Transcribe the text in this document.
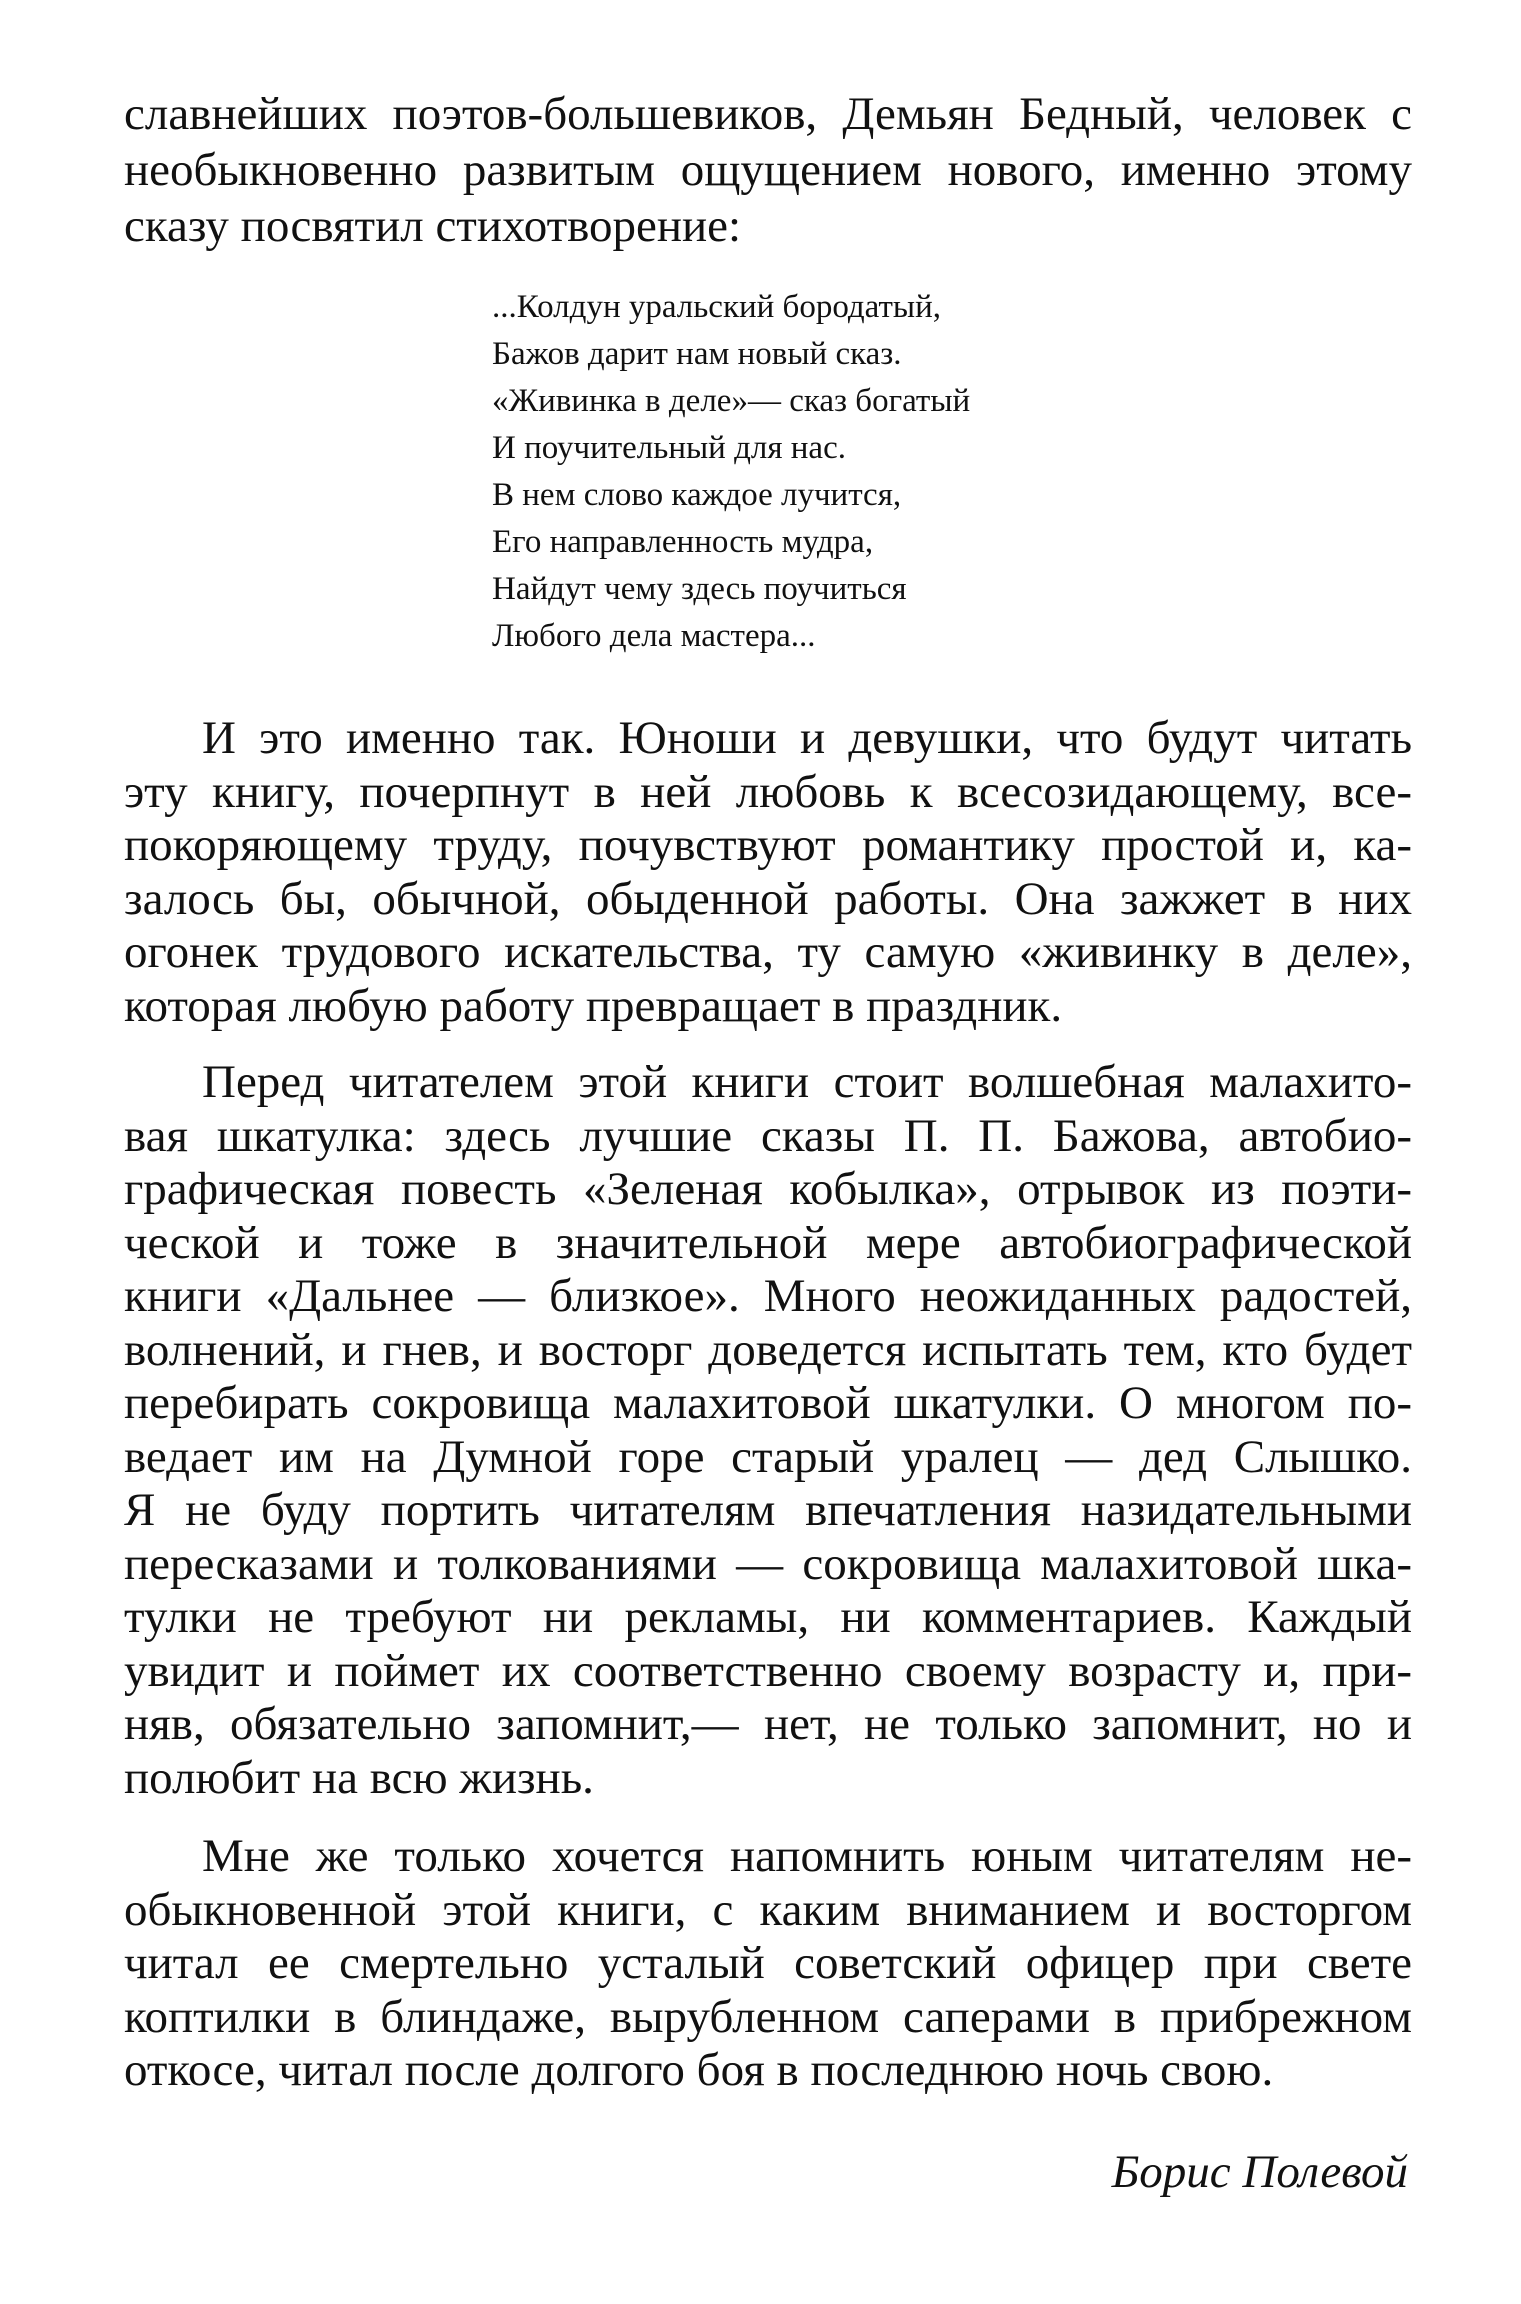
славнейших поэтов-большевиков, Демьян Бедный, человек с
необыкновенно развитым ощущением нового, именно этому
сказу посвятил стихотворение:
...Колдун уральский бородатый,
Бажов дарит нам новый сказ.
«Живинка в деле»— сказ богатый
И поучительный для нас.
В нем слово каждое лучится,
Его направленность мудра,
Найдут чему здесь поучиться
Любого дела мастера...
И это именно так. Юноши и девушки, что будут читать
эту книгу, почерпнут в ней любовь к всесозидающему, все-
покоряющему труду, почувствуют романтику простой и, ка-
залось бы, обычной, обыденной работы. Она зажжет в них
огонек трудового искательства, ту самую «живинку в деле»,
которая любую работу превращает в праздник.
Перед читателем этой книги стоит волшебная малахито-
вая шкатулка: здесь лучшие сказы П. П. Бажова, автобио-
графическая повесть «Зеленая кобылка», отрывок из поэти-
ческой и тоже в значительной мере автобиографической
книги «Дальнее — близкое». Много неожиданных радостей,
волнений, и гнев, и восторг доведется испытать тем, кто будет
перебирать сокровища малахитовой шкатулки. О многом по-
ведает им на Думной горе старый уралец — дед Слышко.
Я не буду портить читателям впечатления назидательными
пересказами и толкованиями — сокровища малахитовой шка-
тулки не требуют ни рекламы, ни комментариев. Каждый
увидит и поймет их соответственно своему возрасту и, при-
няв, обязательно запомнит,— нет, не только запомнит, но и
полюбит на всю жизнь.
Мне же только хочется напомнить юным читателям не-
обыкновенной этой книги, с каким вниманием и восторгом
читал ее смертельно усталый советский офицер при свете
коптилки в блиндаже, вырубленном саперами в прибрежном
откосе, читал после долгого боя в последнюю ночь свою.
Борис Полевой
